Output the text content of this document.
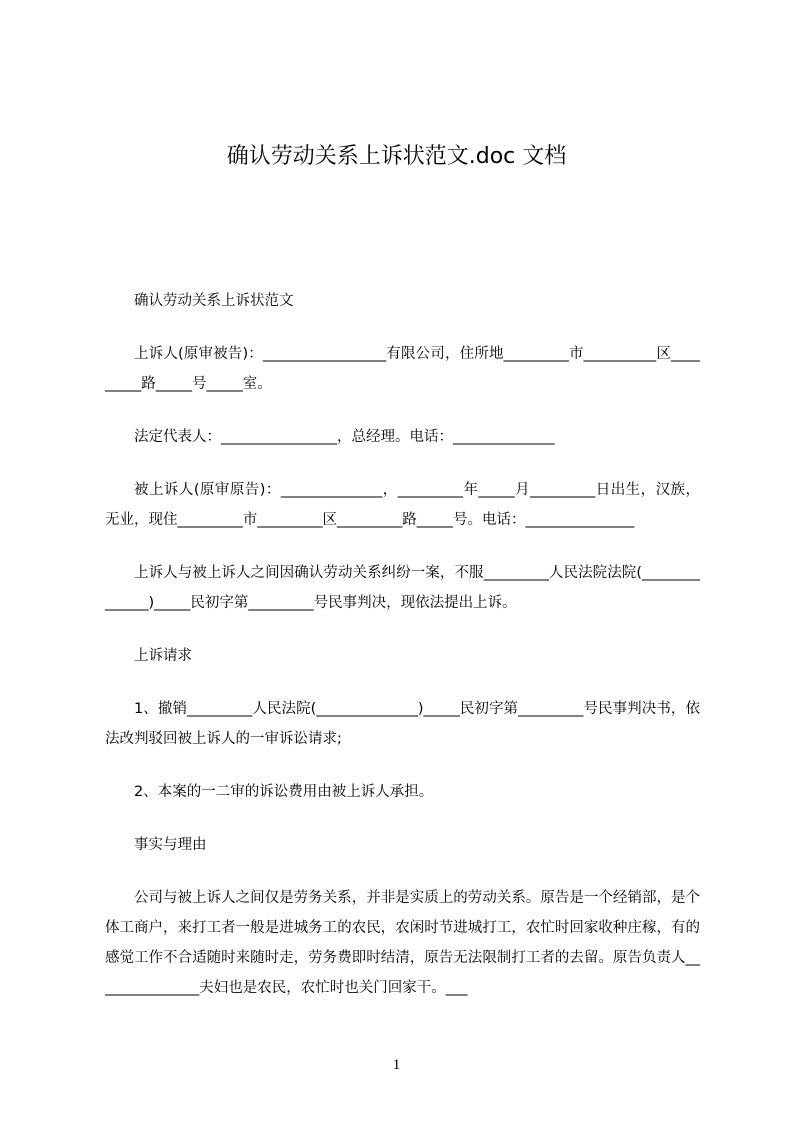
确认劳动关系上诉状范文.doc 文档

确认劳动关系上诉状范文

上诉人(原审被告)：_________________有限公司，住所地_________市__________区_________路_____号_____室。

法定代表人：________________，总经理。电话：______________

被上诉人(原审原告)：______________，_________年_____月_________日出生，汉族，无业，现住_________市_________区_________路_____号。电话：_______________

上诉人与被上诉人之间因确认劳动关系纠纷一案，不服_________人民法院法院(______________)_____民初字第_________号民事判决，现依法提出上诉。

上诉请求

1、撤销_________人民法院(______________)_____民初字第_________号民事判决书，依法改判驳回被上诉人的一审诉讼请求;

2、本案的一二审的诉讼费用由被上诉人承担。

事实与理由

公司与被上诉人之间仅是劳务关系，并非是实质上的劳动关系。原告是一个经销部，是个体工商户，来打工者一般是进城务工的农民，农闲时节进城打工，农忙时回家收种庄稼，有的感觉工作不合适随时来随时走，劳务费即时结清，原告无法限制打工者的去留。原告负责人_______________夫妇也是农民，农忙时也关门回家干。___

1
